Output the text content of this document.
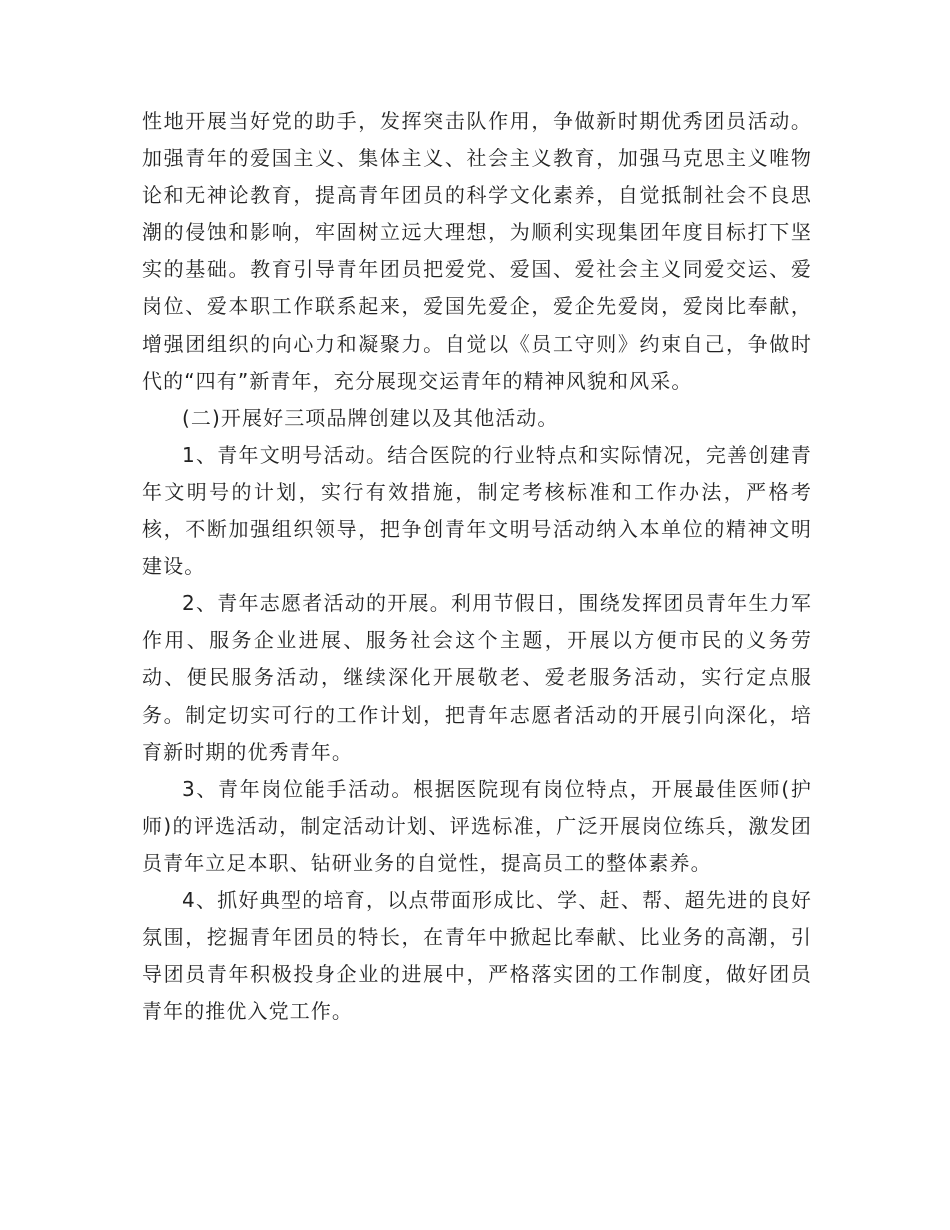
性地开展当好党的助手，发挥突击队作用，争做新时期优秀团员活动。加强青年的爱国主义、集体主义、社会主义教育，加强马克思主义唯物论和无神论教育，提高青年团员的科学文化素养，自觉抵制社会不良思潮的侵蚀和影响，牢固树立远大理想，为顺利实现集团年度目标打下坚实的基础。教育引导青年团员把爱党、爱国、爱社会主义同爱交运、爱岗位、爱本职工作联系起来，爱国先爱企，爱企先爱岗，爱岗比奉献，增强团组织的向心力和凝聚力。自觉以《员工守则》约束自己，争做时代的“四有”新青年，充分展现交运青年的精神风貌和风采。

(二)开展好三项品牌创建以及其他活动。

1、青年文明号活动。结合医院的行业特点和实际情况，完善创建青年文明号的计划，实行有效措施，制定考核标准和工作办法，严格考核，不断加强组织领导，把争创青年文明号活动纳入本单位的精神文明建设。

2、青年志愿者活动的开展。利用节假日，围绕发挥团员青年生力军作用、服务企业进展、服务社会这个主题，开展以方便市民的义务劳动、便民服务活动，继续深化开展敬老、爱老服务活动，实行定点服务。制定切实可行的工作计划，把青年志愿者活动的开展引向深化，培育新时期的优秀青年。

3、青年岗位能手活动。根据医院现有岗位特点，开展最佳医师(护师)的评选活动，制定活动计划、评选标准，广泛开展岗位练兵，激发团员青年立足本职、钻研业务的自觉性，提高员工的整体素养。

4、抓好典型的培育，以点带面形成比、学、赶、帮、超先进的良好氛围，挖掘青年团员的特长，在青年中掀起比奉献、比业务的高潮，引导团员青年积极投身企业的进展中，严格落实团的工作制度，做好团员青年的推优入党工作。
